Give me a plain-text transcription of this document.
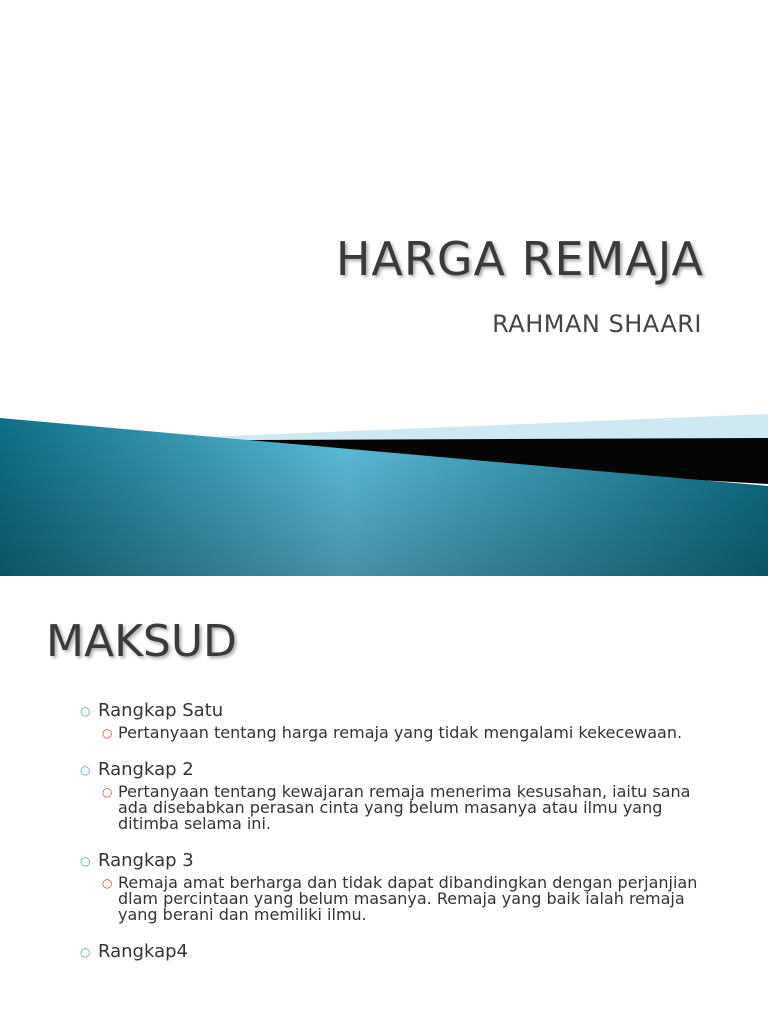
HARGA REMAJA
RAHMAN SHAARI
MAKSUD
○ Rangkap Satu
○ Pertanyaan tentang harga remaja yang tidak mengalami kekecewaan.
○ Rangkap 2
○ Pertanyaan tentang kewajaran remaja menerima kesusahan, iaitu sana ada disebabkan perasan cinta yang belum masanya atau ilmu yang ditimba selama ini.
○ Rangkap 3
○ Remaja amat berharga dan tidak dapat dibandingkan dengan perjanjian dlam percintaan yang belum masanya. Remaja yang baik ialah remaja yang berani dan memiliki ilmu.
○ Rangkap4
